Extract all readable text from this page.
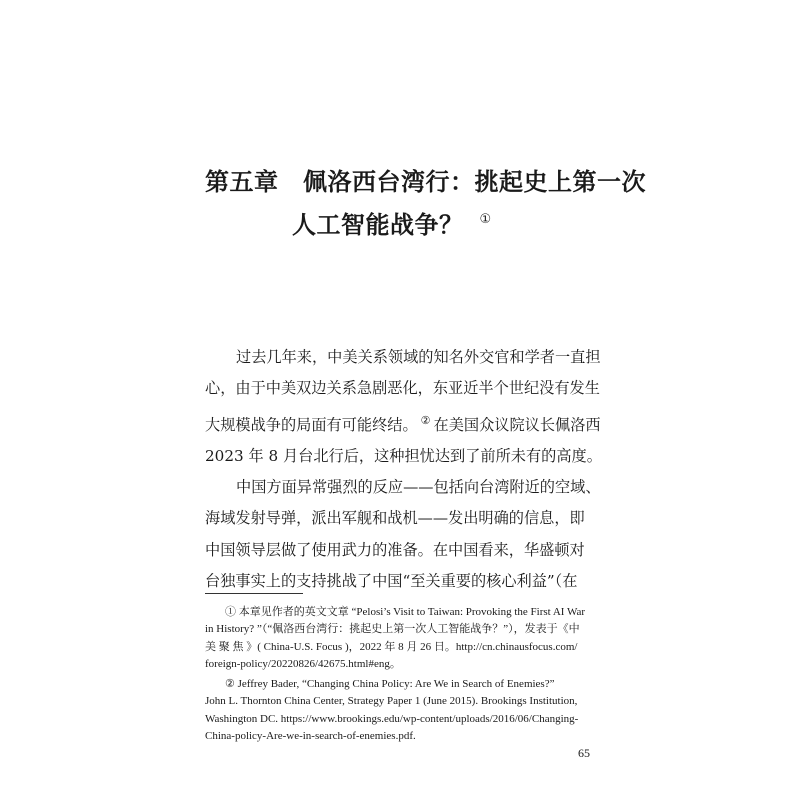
第五章　佩洛西台湾行：挑起史上第一次
人工智能战争？ ①
过去几年来，中美关系领域的知名外交官和学者一直担
心，由于中美双边关系急剧恶化，东亚近半个世纪没有发生
大规模战争的局面有可能终结。 ② 在美国众议院议长佩洛西
2023 年 8 月台北行后，这种担忧达到了前所未有的高度。
中国方面异常强烈的反应——包括向台湾附近的空域、
海域发射导弹，派出军舰和战机——发出明确的信息，即
中国领导层做了使用武力的准备。在中国看来，华盛顿对
台独事实上的支持挑战了中国“至关重要的核心利益”（在
① 本章见作者的英文文章 “Pelosi’s Visit to Taiwan: Provoking the First AI War
in History? ”（“佩洛西台湾行：挑起史上第一次人工智能战争？”），发表于《中
美 聚 焦 》( China-U.S. Focus )，2022 年 8 月 26 日。http://cn.chinausfocus.com/
foreign-policy/20220826/42675.html#eng。
② Jeffrey Bader, “Changing China Policy: Are We in Search of Enemies?”
John L. Thornton China Center, Strategy Paper 1 (June 2015). Brookings Institution,
Washington DC. https://www.brookings.edu/wp-content/uploads/2016/06/Changing-
China-policy-Are-we-in-search-of-enemies.pdf.
65
